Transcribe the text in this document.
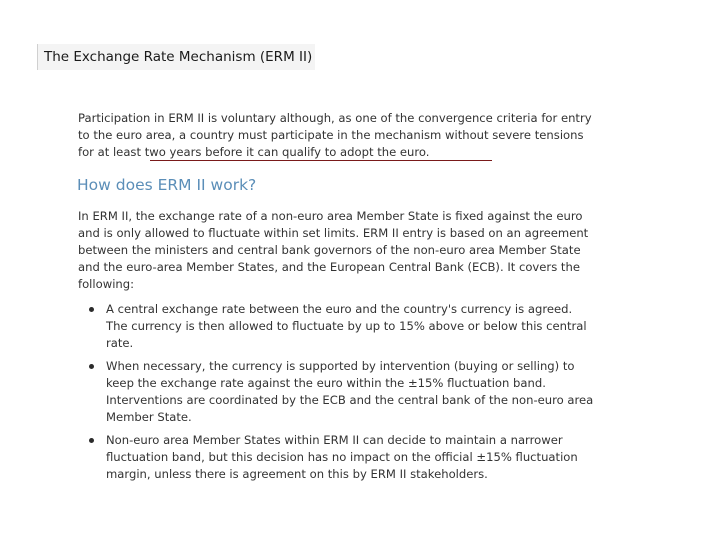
The Exchange Rate Mechanism (ERM II)

Participation in ERM II is voluntary although, as one of the convergence criteria for entry to the euro area, a country must participate in the mechanism without severe tensions for at least two years before it can qualify to adopt the euro.

How does ERM II work?

In ERM II, the exchange rate of a non-euro area Member State is fixed against the euro and is only allowed to fluctuate within set limits. ERM II entry is based on an agreement between the ministers and central bank governors of the non-euro area Member State and the euro-area Member States, and the European Central Bank (ECB). It covers the following:

A central exchange rate between the euro and the country's currency is agreed. The currency is then allowed to fluctuate by up to 15% above or below this central rate.
When necessary, the currency is supported by intervention (buying or selling) to keep the exchange rate against the euro within the ±15% fluctuation band. Interventions are coordinated by the ECB and the central bank of the non-euro area Member State.
Non-euro area Member States within ERM II can decide to maintain a narrower fluctuation band, but this decision has no impact on the official ±15% fluctuation margin, unless there is agreement on this by ERM II stakeholders.
